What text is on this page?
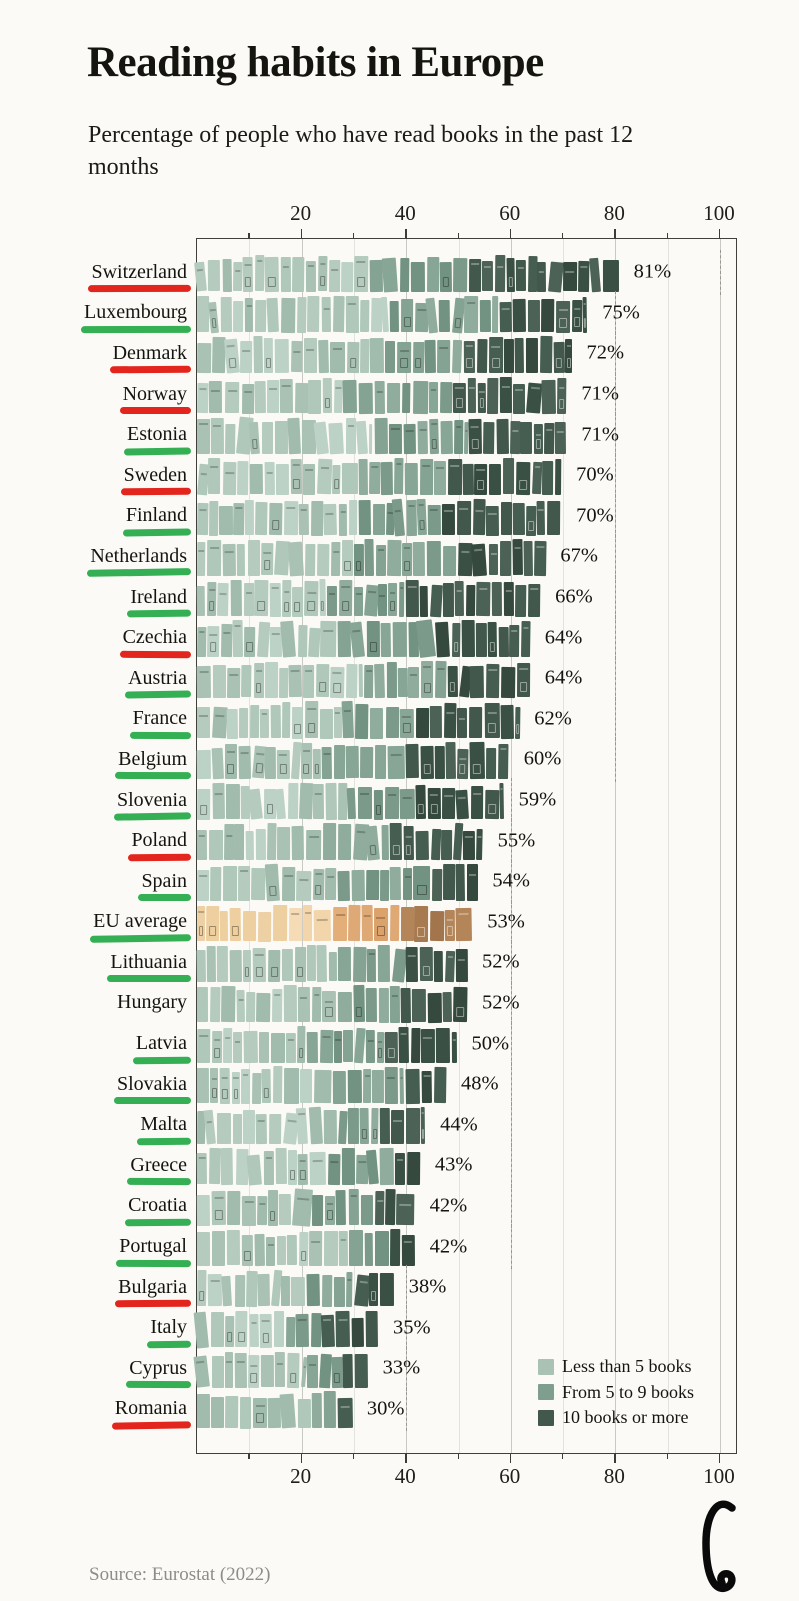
Reading habits in Europe

Percentage of people who have read books in the past 12 months

20	40	60	80	100
Switzerland	81%
Luxembourg	75%
Denmark	72%
Norway	71%
Estonia	71%
Sweden	70%
Finland	70%
Netherlands	67%
Ireland	66%
Czechia	64%
Austria	64%
France	62%
Belgium	60%
Slovenia	59%
Poland	55%
Spain	54%
EU average	53%
Lithuania	52%
Hungary	52%
Latvia	50%
Slovakia	48%
Malta	44%
Greece	43%
Croatia	42%
Portugal	42%
Bulgaria	38%
Italy	35%
Cyprus	33%
Romania	30%
20	40	60	80	100
Less than 5 books
From 5 to 9 books
10 books or more
Source: Eurostat (2022)
